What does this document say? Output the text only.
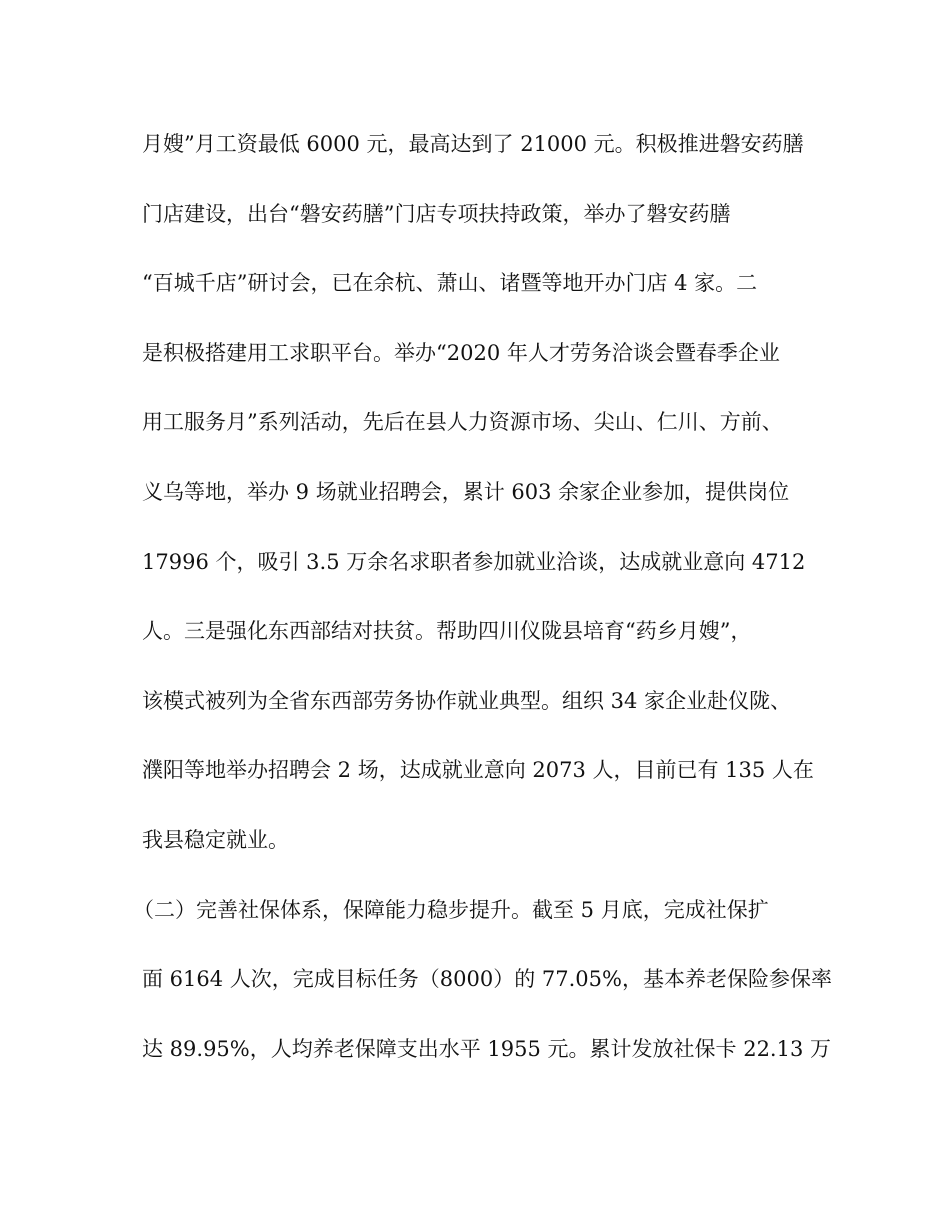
月嫂”月工资最低 6000 元，最高达到了 21000 元。积极推进磐安药膳
门店建设，出台“磐安药膳”门店专项扶持政策，举办了磐安药膳
“百城千店”研讨会，已在余杭、萧山、诸暨等地开办门店 4 家。二
是积极搭建用工求职平台。举办“2020 年人才劳务洽谈会暨春季企业
用工服务月”系列活动，先后在县人力资源市场、尖山、仁川、方前、
义乌等地，举办 9 场就业招聘会，累计 603 余家企业参加，提供岗位
17996 个，吸引 3.5 万余名求职者参加就业洽谈，达成就业意向 4712
人。三是强化东西部结对扶贫。帮助四川仪陇县培育“药乡月嫂”，
该模式被列为全省东西部劳务协作就业典型。组织 34 家企业赴仪陇、
濮阳等地举办招聘会 2 场，达成就业意向 2073 人，目前已有 135 人在
我县稳定就业。
（二）完善社保体系，保障能力稳步提升。截至 5 月底，完成社保扩
面 6164 人次，完成目标任务（8000）的 77.05%，基本养老保险参保率
达 89.95%，人均养老保障支出水平 1955 元。累计发放社保卡 22.13 万
